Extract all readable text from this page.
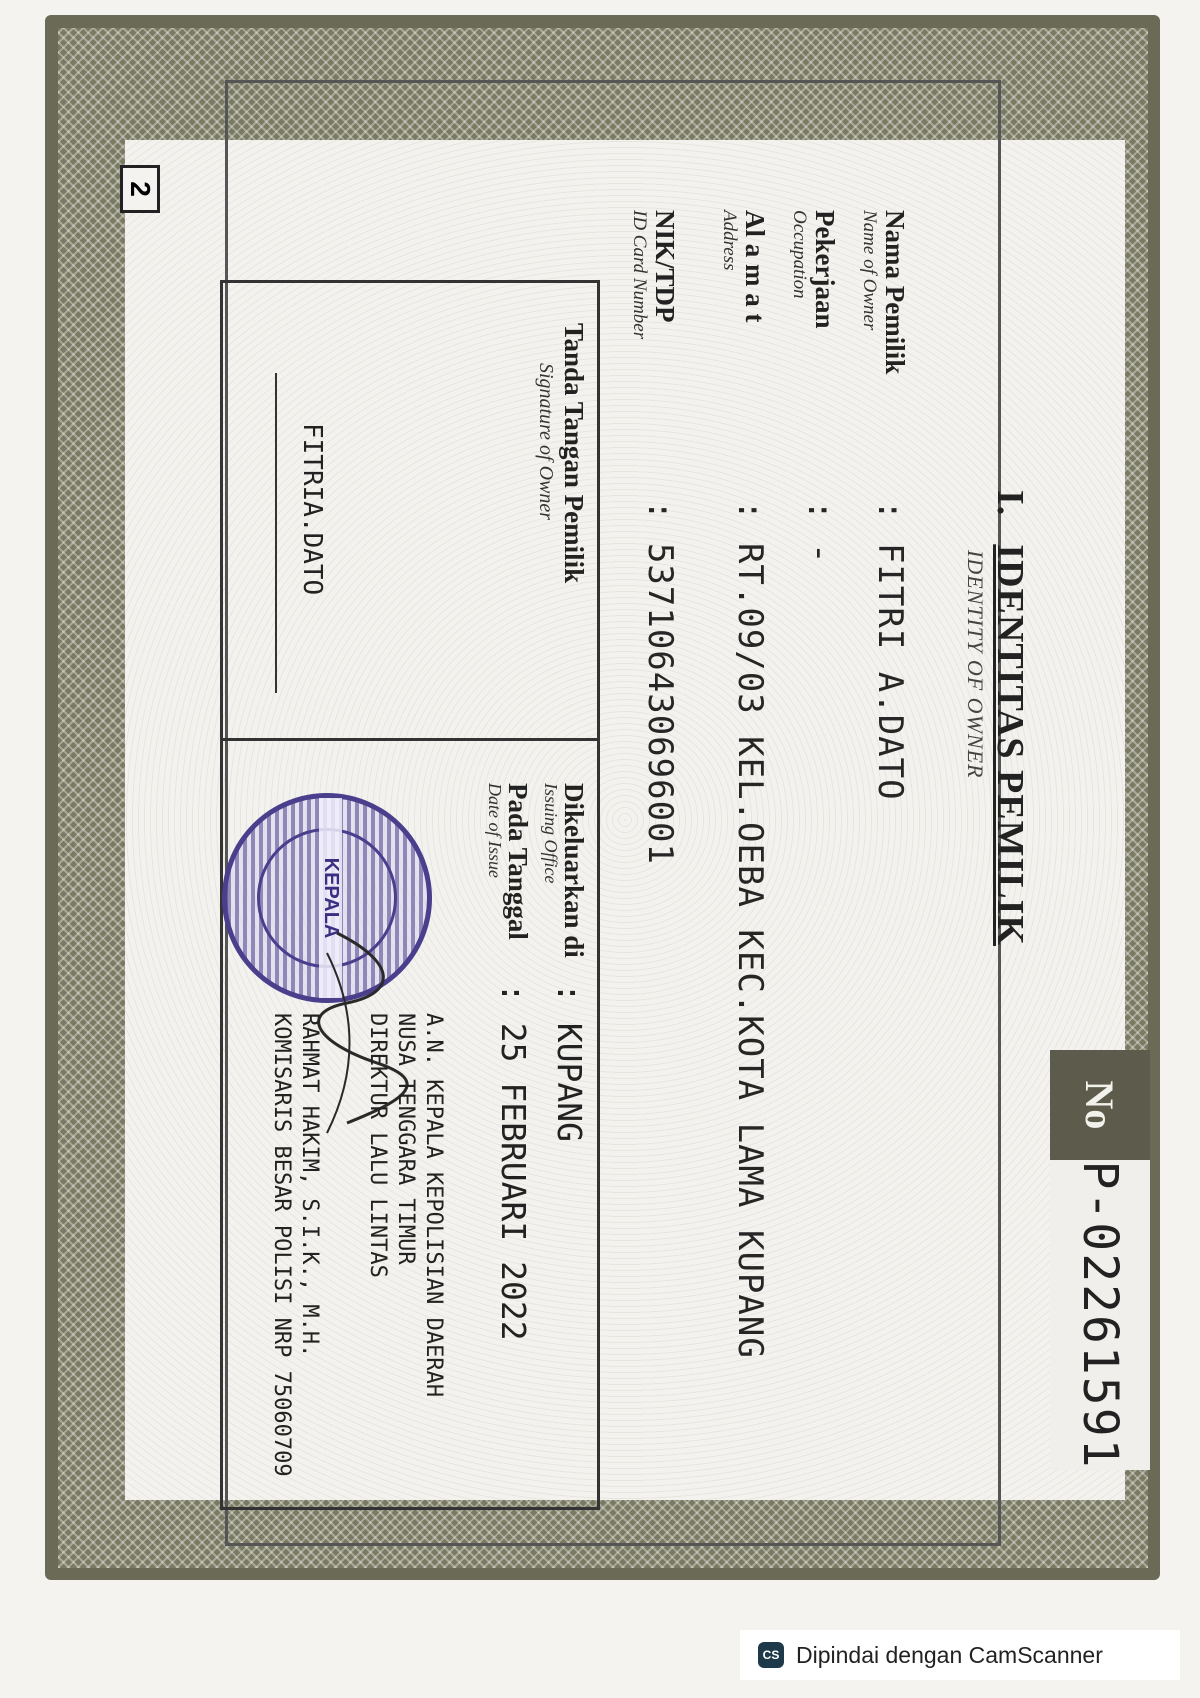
No
P-02261591
I.IDENTITAS PEMILIK
IDENTITY OF OWNER
Nama Pemilik
Name of Owner
: FITRI A.DATO
Pekerjaan
Occupation
: -
Al a m a t
Address
: RT.09/03 KEL.OEBA KEC.KOTA LAMA KUPANG
NIK/TDP
ID Card Number
: 537106430696001
Tanda Tangan Pemilik
Signature of Owner
FITRIA.DATO
Dikeluarkan di
Issuing Office
: KUPANG
Pada Tanggal
Date of Issue
: 25 FEBRUARI 2022
KEPALA
A.N. KEPALA KEPOLISIAN DAERAH
NUSA TENGGARA TIMUR
DIREKTUR LALU LINTAS
RAHMAT HAKIM, S.I.K., M.H.
KOMISARIS BESAR POLISI NRP 75060709
2
CS Dipindai dengan CamScanner
